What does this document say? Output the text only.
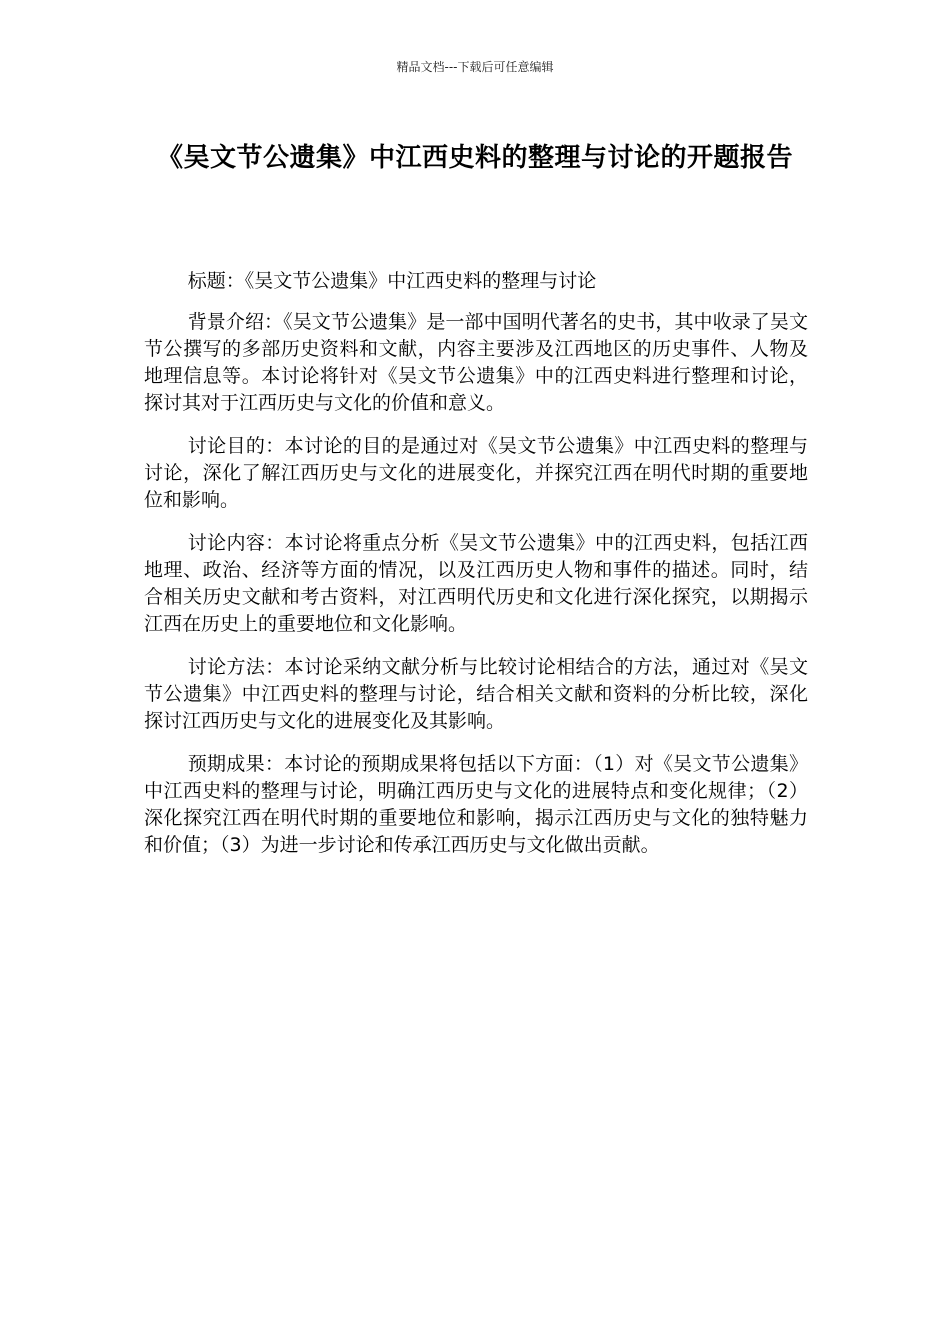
精品文档---下载后可任意编辑
《吴文节公遗集》中江西史料的整理与讨论的开题报告

标题：《吴文节公遗集》中江西史料的整理与讨论

背景介绍：《吴文节公遗集》是一部中国明代著名的史书，其中收录了吴文节公撰写的多部历史资料和文献，内容主要涉及江西地区的历史事件、人物及地理信息等。本讨论将针对《吴文节公遗集》中的江西史料进行整理和讨论，探讨其对于江西历史与文化的价值和意义。

讨论目的：本讨论的目的是通过对《吴文节公遗集》中江西史料的整理与讨论，深化了解江西历史与文化的进展变化，并探究江西在明代时期的重要地位和影响。

讨论内容：本讨论将重点分析《吴文节公遗集》中的江西史料，包括江西地理、政治、经济等方面的情况，以及江西历史人物和事件的描述。同时，结合相关历史文献和考古资料，对江西明代历史和文化进行深化探究，以期揭示江西在历史上的重要地位和文化影响。

讨论方法：本讨论采纳文献分析与比较讨论相结合的方法，通过对《吴文节公遗集》中江西史料的整理与讨论，结合相关文献和资料的分析比较，深化探讨江西历史与文化的进展变化及其影响。

预期成果：本讨论的预期成果将包括以下方面：（1）对《吴文节公遗集》中江西史料的整理与讨论，明确江西历史与文化的进展特点和变化规律；（2）深化探究江西在明代时期的重要地位和影响，揭示江西历史与文化的独特魅力和价值；（3）为进一步讨论和传承江西历史与文化做出贡献。
